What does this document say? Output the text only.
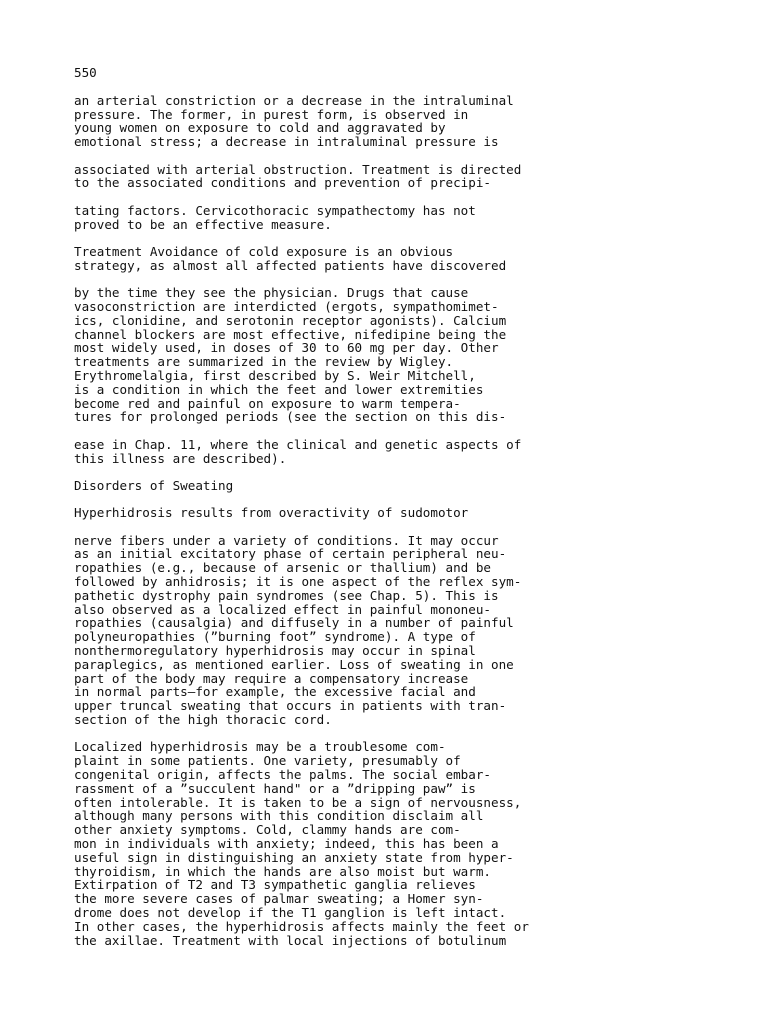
550
an arterial constriction or a decrease in the intraluminal
pressure. The former, in purest form, is observed in
young women on exposure to cold and aggravated by
emotional stress; a decrease in intraluminal pressure is
associated with arterial obstruction. Treatment is directed
to the associated conditions and prevention of precipi-
tating factors. Cervicothoracic sympathectomy has not
proved to be an effective measure.
Treatment Avoidance of cold exposure is an obvious
strategy, as almost all affected patients have discovered
by the time they see the physician. Drugs that cause
vasoconstriction are interdicted (ergots, sympathomimet-
ics, clonidine, and serotonin receptor agonists). Calcium
channel blockers are most effective, nifedipine being the
most widely used, in doses of 30 to 60 mg per day. Other
treatments are summarized in the review by Wigley.
Erythromelalgia, first described by S. Weir Mitchell,
is a condition in which the feet and lower extremities
become red and painful on exposure to warm tempera-
tures for prolonged periods (see the section on this dis-
ease in Chap. 11, where the clinical and genetic aspects of
this illness are described).
Disorders of Sweating
Hyperhidrosis results from overactivity of sudomotor
nerve fibers under a variety of conditions. It may occur
as an initial excitatory phase of certain peripheral neu-
ropathies (e.g., because of arsenic or thallium) and be
followed by anhidrosis; it is one aspect of the reflex sym-
pathetic dystrophy pain syndromes (see Chap. 5). This is
also observed as a localized effect in painful mononeu-
ropathies (causalgia) and diffusely in a number of painful
polyneuropathies (”burning foot” syndrome). A type of
nonthermoregulatory hyperhidrosis may occur in spinal
paraplegics, as mentioned earlier. Loss of sweating in one
part of the body may require a compensatory increase
in normal parts—for example, the excessive facial and
upper truncal sweating that occurs in patients with tran-
section of the high thoracic cord.
Localized hyperhidrosis may be a troublesome com-
plaint in some patients. One variety, presumably of
congenital origin, affects the palms. The social embar-
rassment of a ”succulent hand" or a ”dripping paw” is
often intolerable. It is taken to be a sign of nervousness,
although many persons with this condition disclaim all
other anxiety symptoms. Cold, clammy hands are com-
mon in individuals with anxiety; indeed, this has been a
useful sign in distinguishing an anxiety state from hyper-
thyroidism, in which the hands are also moist but warm.
Extirpation of T2 and T3 sympathetic ganglia relieves
the more severe cases of palmar sweating; a Homer syn-
drome does not develop if the T1 ganglion is left intact.
In other cases, the hyperhidrosis affects mainly the feet or
the axillae. Treatment with local injections of botulinum
